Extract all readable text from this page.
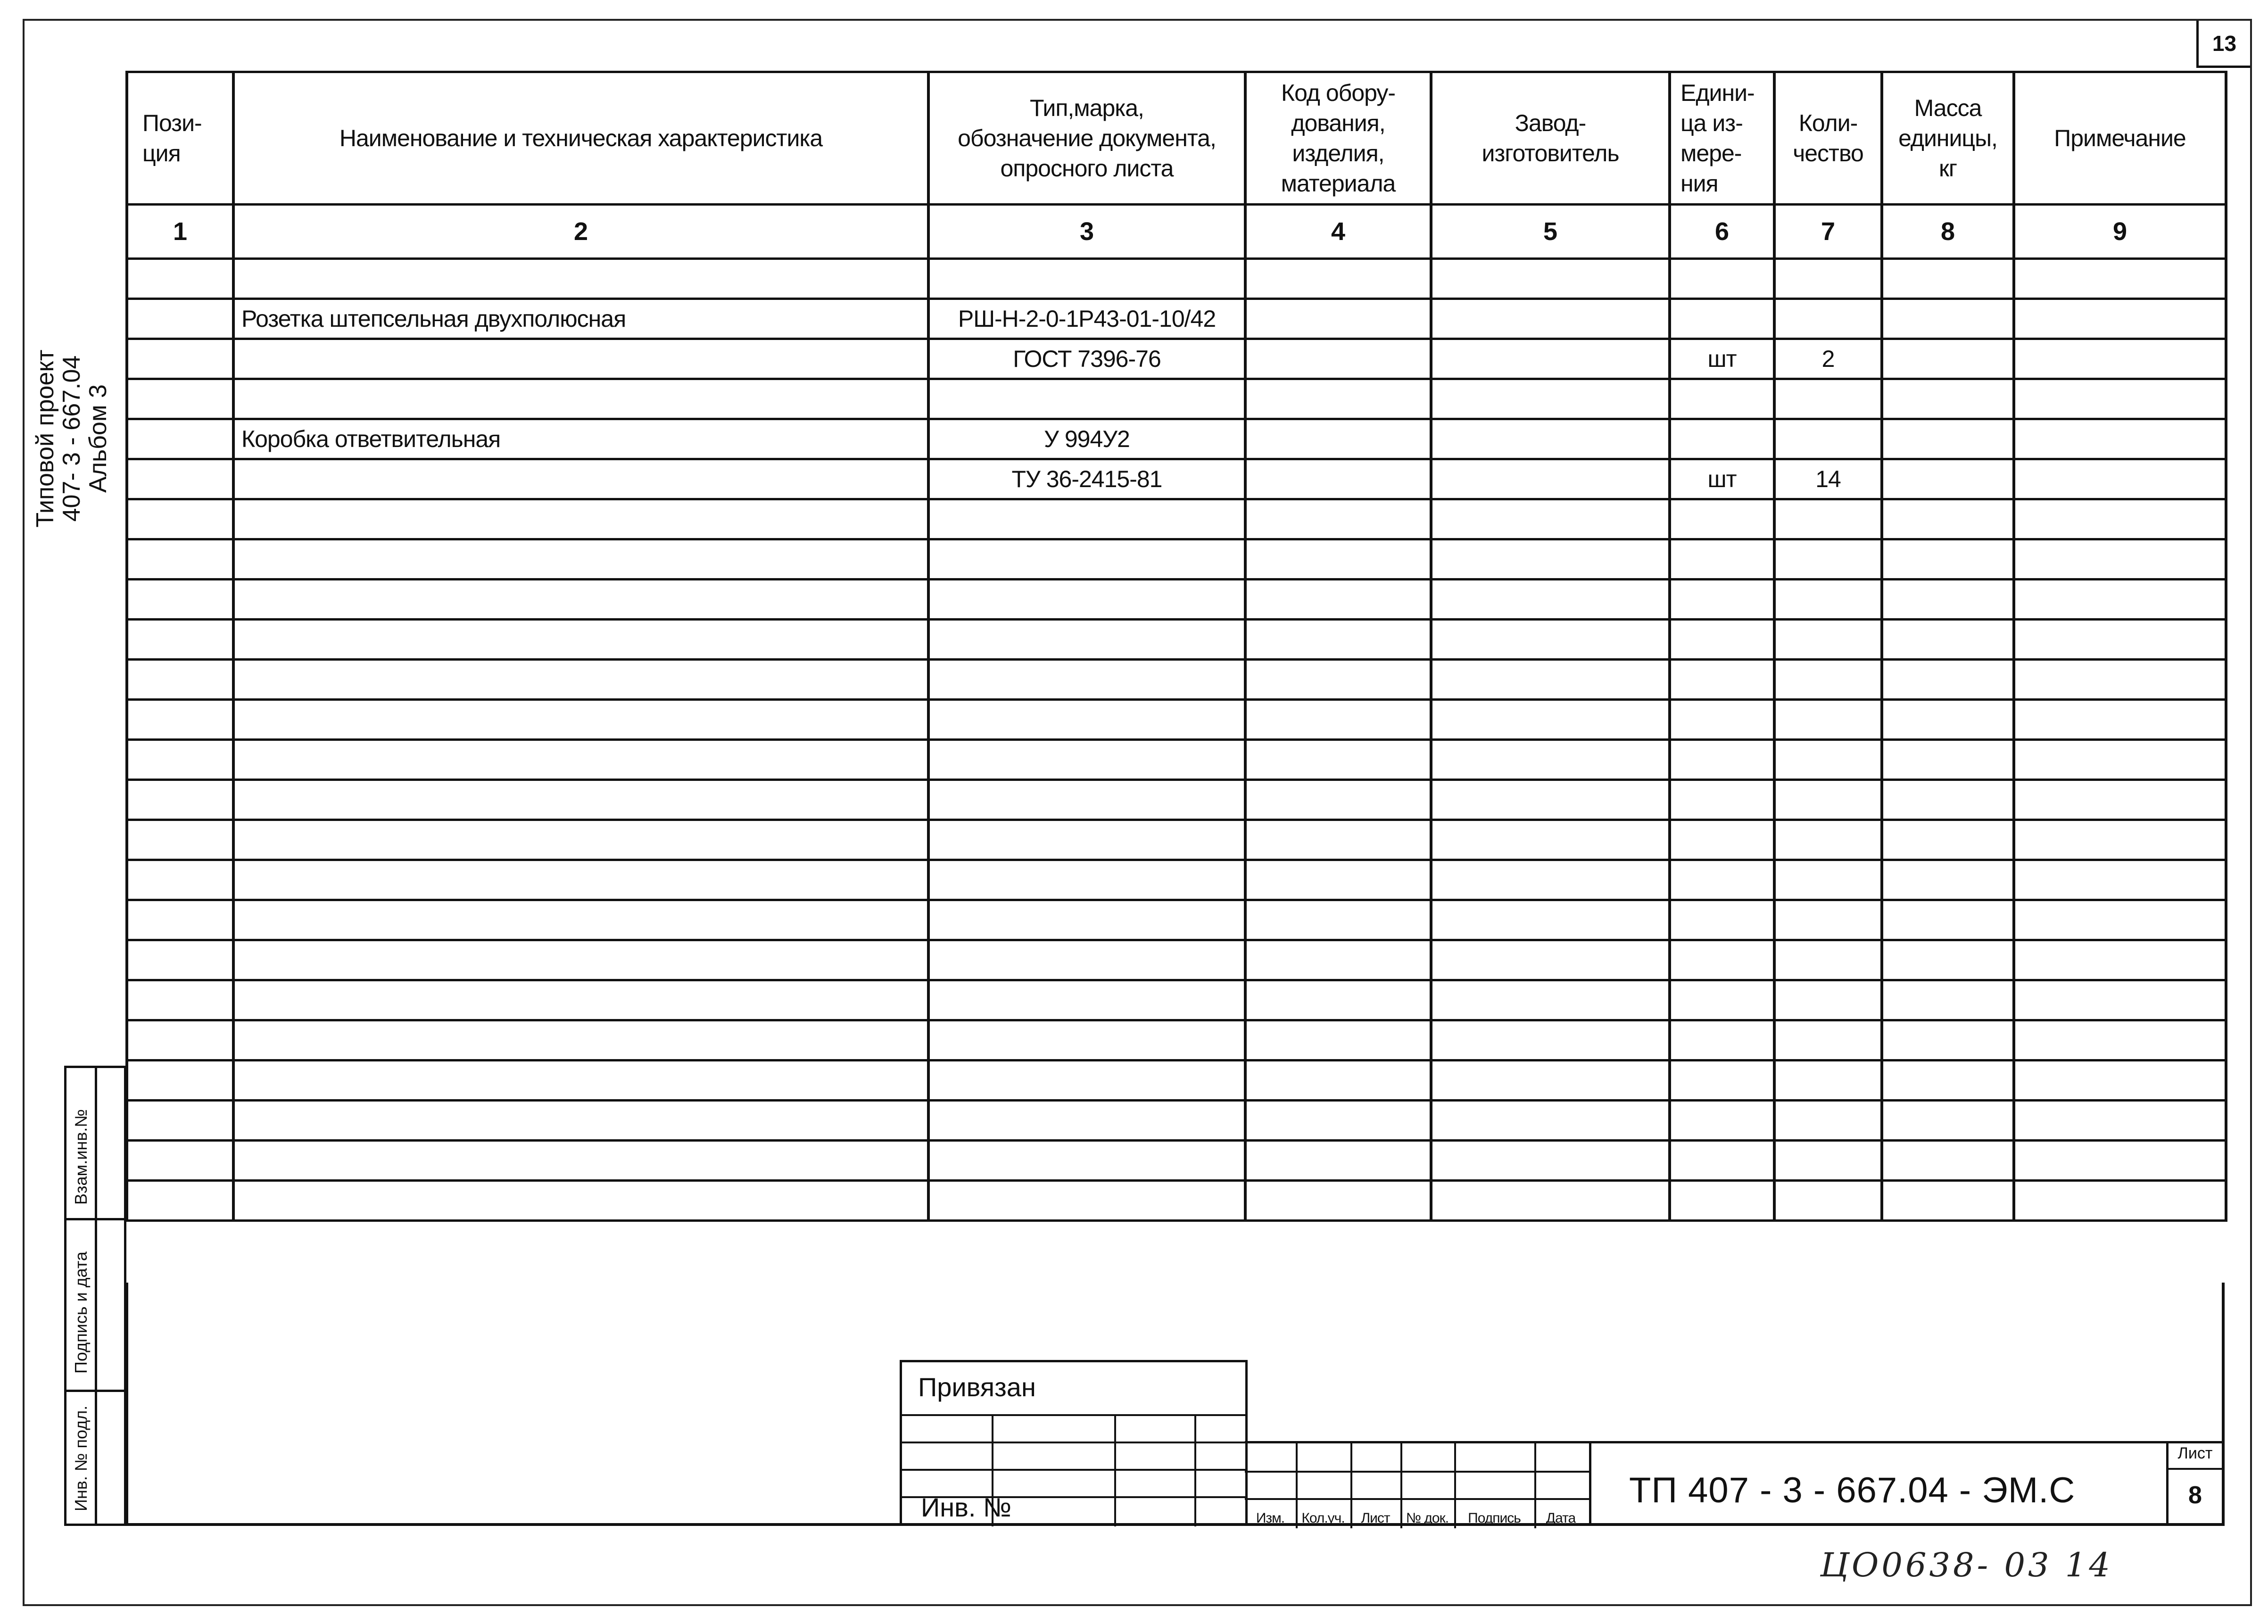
13
Типовой проект
407- 3 - 667.04
Альбом 3
Пози-
ция	Наименование и техническая характеристика	Тип,марка,
обозначение документа,
опросного листа	Код обору-
дования,
изделия,
материала	Завод-
изготовитель	Едини-
ца из-
мере-
ния	Коли-
чество	Масса
единицы,
кг	Примечание
1	2	3	4	5	6	7	8	9

	Розетка штепсельная двухполюсная	РШ-Н-2-0-1Р43-01-10/42						
		ГОСТ 7396-76			шт	2		

	Коробка ответвительная	У 994У2						
		ТУ 36-2415-81			шт	14		

Взам.инв.№
Подпись и дата
Инв. № подл.
Привязан
Инв. №	Изм.	Кол.уч.	Лист	№ док.	Подпись	Дата
ТП 407 - 3 - 667.04 - ЭМ.С
Лист
8
ЦО0638- 03 14
